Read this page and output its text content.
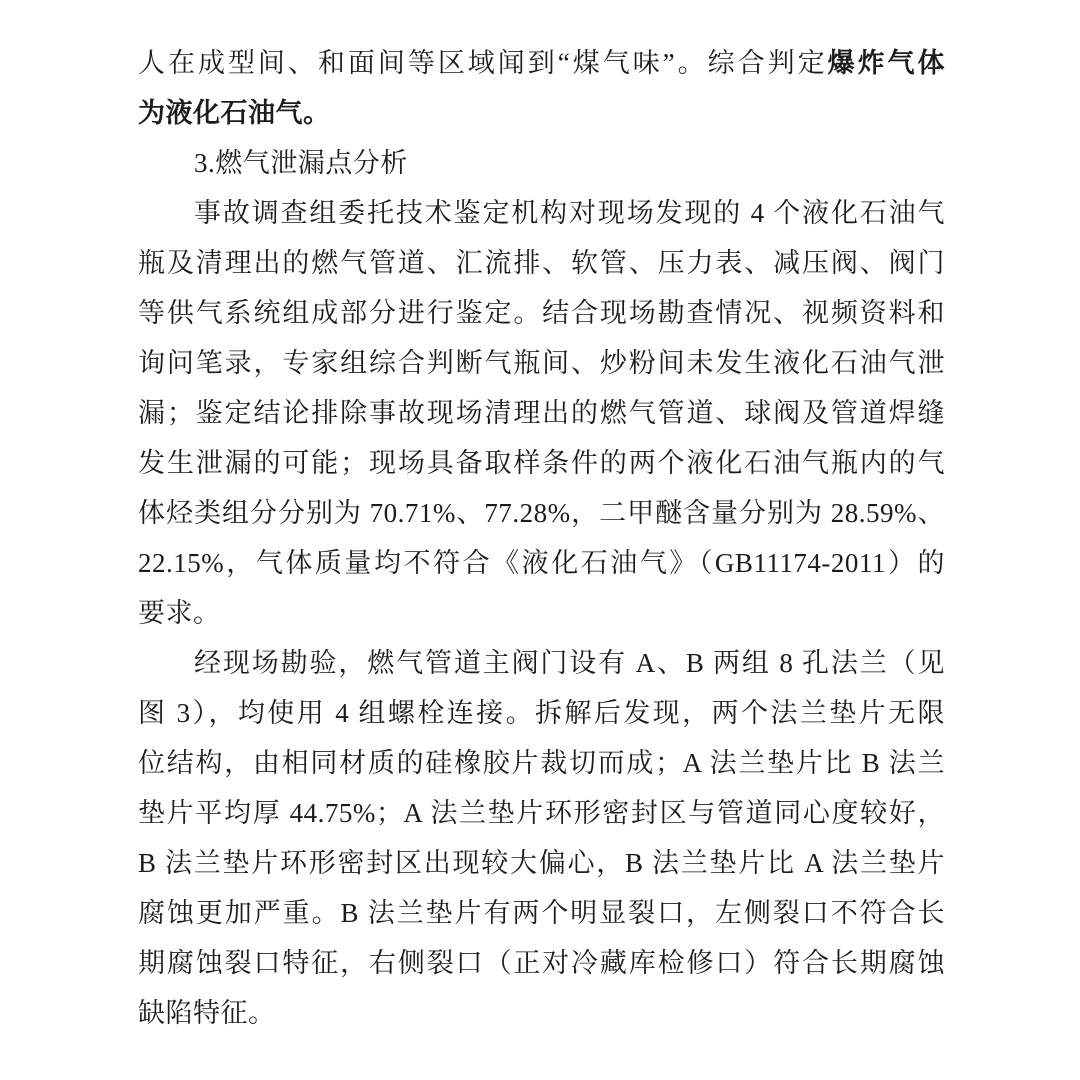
人在成型间、和面间等区域闻到“煤气味”。综合判定爆炸气体
为液化石油气。
3.燃气泄漏点分析
事故调查组委托技术鉴定机构对现场发现的 4 个液化石油气
瓶及清理出的燃气管道、汇流排、软管、压力表、减压阀、阀门
等供气系统组成部分进行鉴定。结合现场勘查情况、视频资料和
询问笔录，专家组综合判断气瓶间、炒粉间未发生液化石油气泄
漏；鉴定结论排除事故现场清理出的燃气管道、球阀及管道焊缝
发生泄漏的可能；现场具备取样条件的两个液化石油气瓶内的气
体烃类组分分别为 70.71%、77.28%，二甲醚含量分别为 28.59%、
22.15%，气体质量均不符合《液化石油气》（GB11174-2011）的
要求。
经现场勘验，燃气管道主阀门设有 A、B 两组 8 孔法兰（见
图 3），均使用 4 组螺栓连接。拆解后发现，两个法兰垫片无限
位结构，由相同材质的硅橡胶片裁切而成；A 法兰垫片比 B 法兰
垫片平均厚 44.75%；A 法兰垫片环形密封区与管道同心度较好，
B 法兰垫片环形密封区出现较大偏心，B 法兰垫片比 A 法兰垫片
腐蚀更加严重。B 法兰垫片有两个明显裂口，左侧裂口不符合长
期腐蚀裂口特征，右侧裂口（正对冷藏库检修口）符合长期腐蚀
缺陷特征。
